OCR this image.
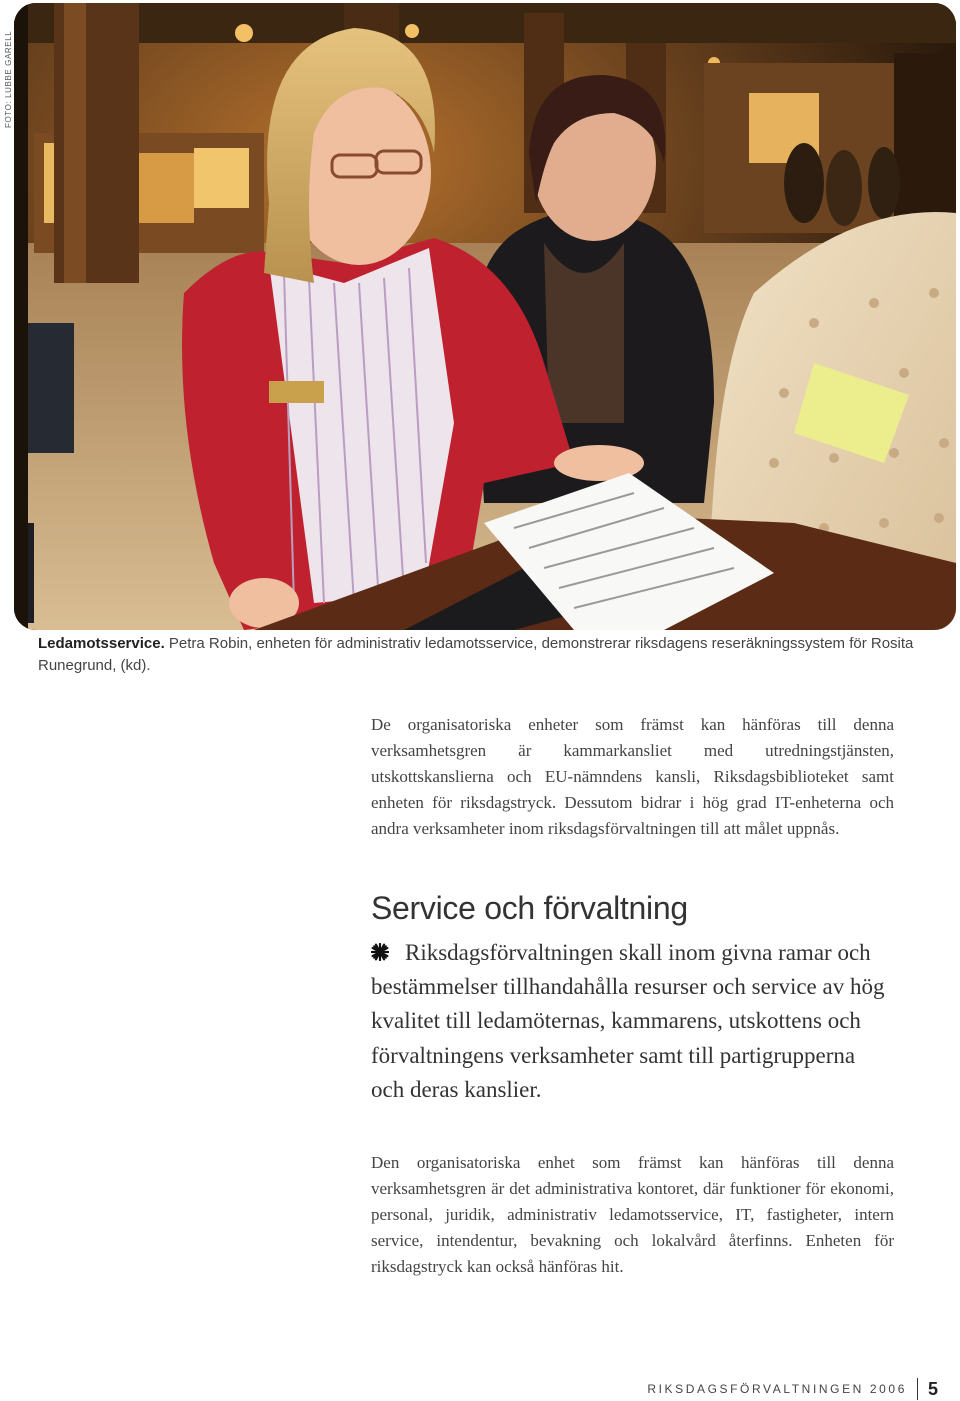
FOTO: LUBBE GARELL
Ledamotsservice. Petra Robin, enheten för administrativ ledamotsservice, demonstrerar riksdagens reseräkningssystem för Rosita Runegrund, (kd).
De organisatoriska enheter som främst kan hänföras till denna verksamhetsgren är kammarkansliet med utredningstjänsten, utskottskanslierna och EU-nämndens kansli, Riksdagsbiblioteket samt enheten för riksdagstryck. Dessutom bidrar i hög grad IT-enheterna och andra verksamheter inom riksdagsförvaltningen till att målet uppnås.
Service och förvaltning
Riksdagsförvaltningen skall inom givna ramar och bestämmelser tillhandahålla resurser och service av hög kvalitet till ledamöternas, kammarens, utskottens och förvaltningens verksamheter samt till partigrupperna och deras kanslier.
Den organisatoriska enhet som främst kan hänföras till denna verksamhetsgren är det administrativa kontoret, där funktioner för ekonomi, personal, juridik, administrativ ledamotsservice, IT, fastigheter, intern service, intendentur, bevakning och lokalvård återfinns. Enheten för riksdagstryck kan också hänföras hit.
RIKSDAGSFÖRVALTNINGEN 2006 5
